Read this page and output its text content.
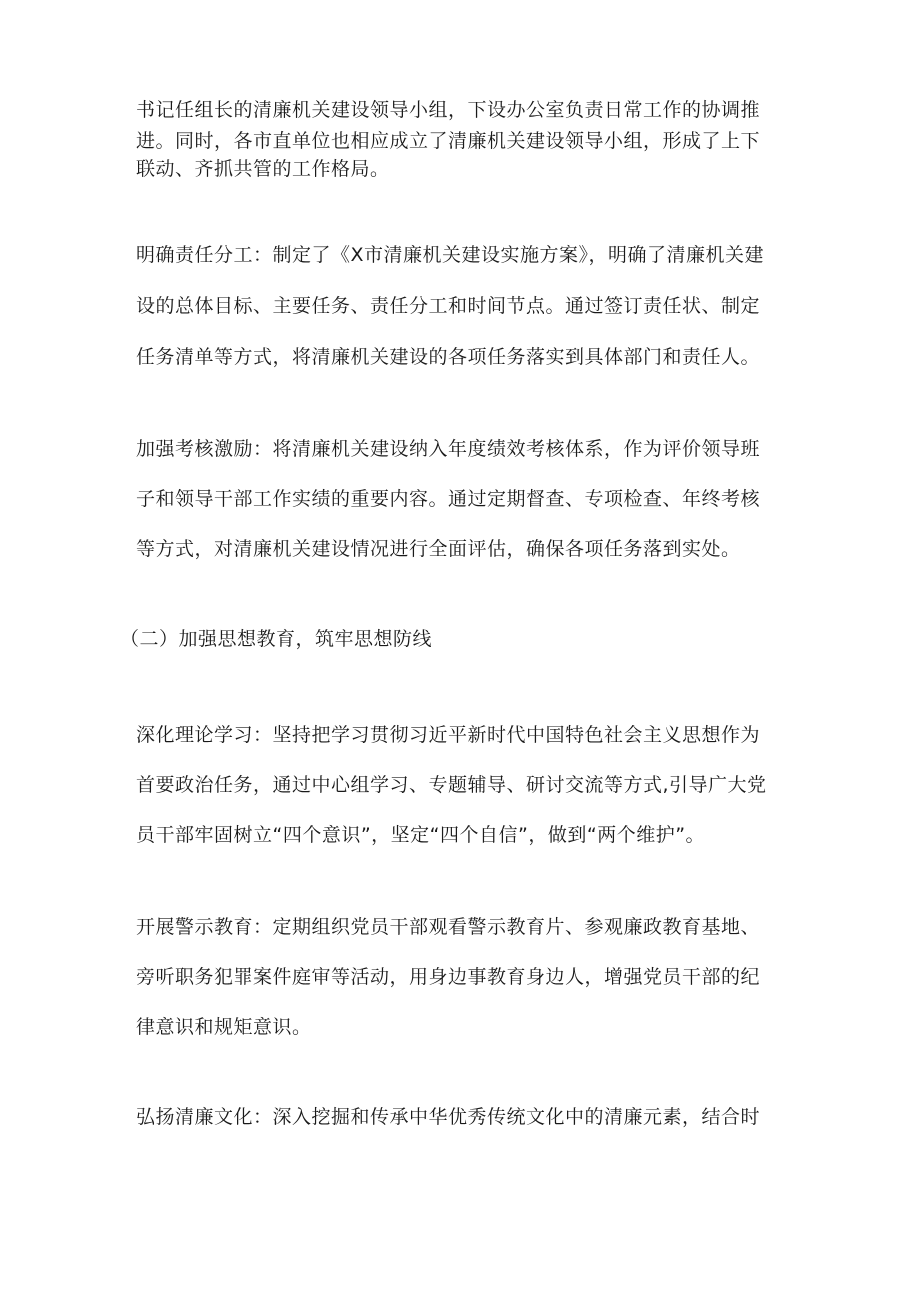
书记任组长的清廉机关建设领导小组，下设办公室负责日常工作的协调推
进。同时，各市直单位也相应成立了清廉机关建设领导小组，形成了上下
联动、齐抓共管的工作格局。
明确责任分工：制定了《X市清廉机关建设实施方案》，明确了清廉机关建
设的总体目标、主要任务、责任分工和时间节点。通过签订责任状、制定
任务清单等方式，将清廉机关建设的各项任务落实到具体部门和责任人。
加强考核激励：将清廉机关建设纳入年度绩效考核体系，作为评价领导班
子和领导干部工作实绩的重要内容。通过定期督查、专项检查、年终考核
等方式，对清廉机关建设情况进行全面评估，确保各项任务落到实处。
（二）加强思想教育，筑牢思想防线
深化理论学习：坚持把学习贯彻习近平新时代中国特色社会主义思想作为
首要政治任务，通过中心组学习、专题辅导、研讨交流等方式,引导广大党
员干部牢固树立“四个意识”，坚定“四个自信”，做到“两个维护”。
开展警示教育：定期组织党员干部观看警示教育片、参观廉政教育基地、
旁听职务犯罪案件庭审等活动，用身边事教育身边人，增强党员干部的纪
律意识和规矩意识。
弘扬清廉文化：深入挖掘和传承中华优秀传统文化中的清廉元素，结合时
